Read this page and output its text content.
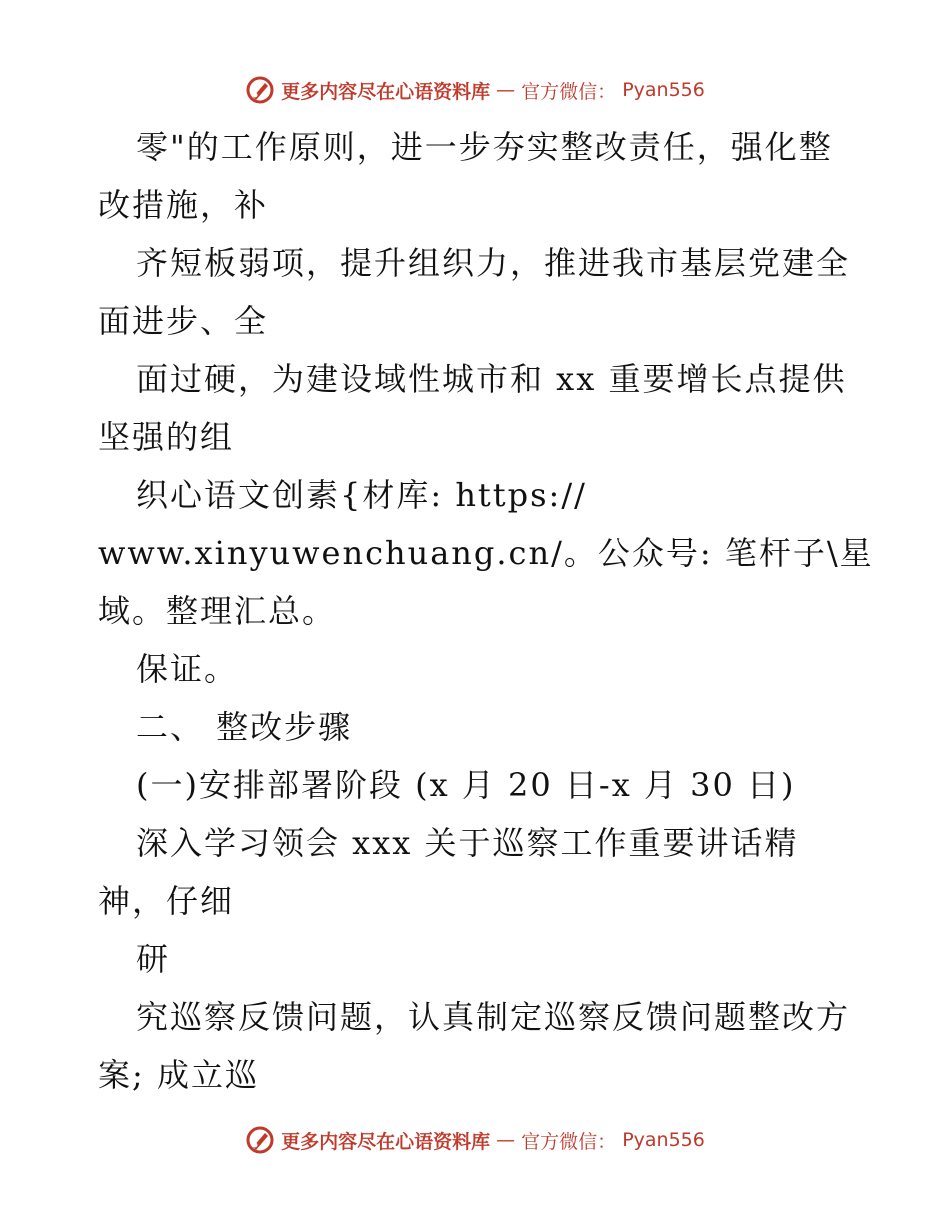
更多内容尽在心语资料库 — 官方微信： Pyan556
零"的工作原则，进一步夯实整改责任，强化整
改措施，补
齐短板弱项，提升组织力，推进我市基层党建全
面进步、全
面过硬，为建设域性城市和 xx 重要增长点提供
坚强的组
织心语文创素{材库: https://
www.xinyuwenchuang.cn/。公众号: 笔杆子\星
域。整理汇总。
保证。
二、 整改步骤
(一)安排部署阶段 (x 月 20 日-x 月 30 日)
深入学习领会 xxx 关于巡察工作重要讲话精
神，仔细
研
究巡察反馈问题，认真制定巡察反馈问题整改方
案; 成立巡
更多内容尽在心语资料库 — 官方微信： Pyan556
